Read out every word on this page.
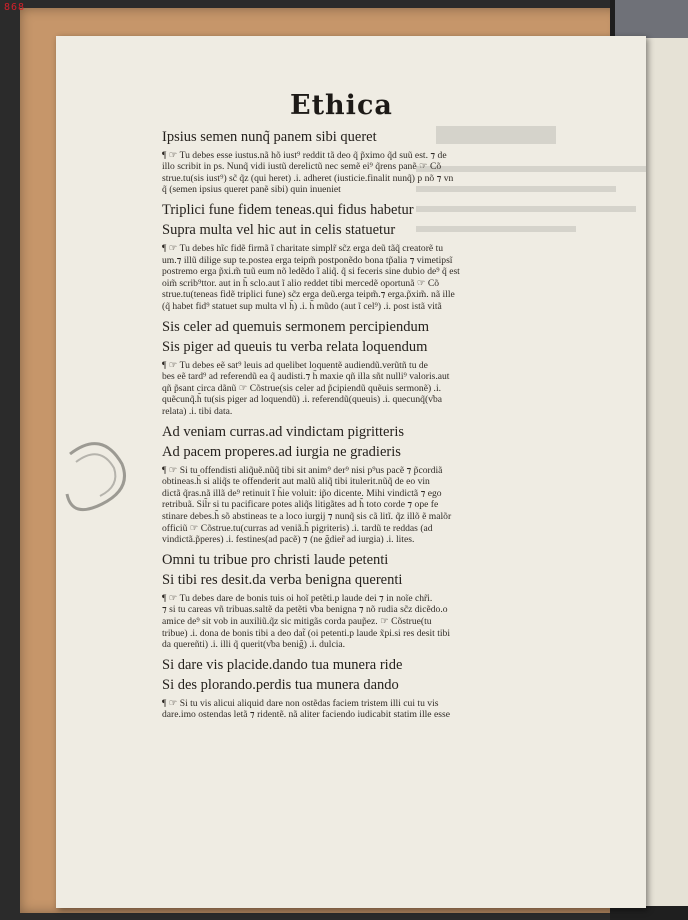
868
Ethica
Ipsius semen nunq̃ panem sibi queret
¶ ☞ Tu debes esse iustus.nã hõ iust⁹ reddit tã deo q̃ p̃ximo q̃d suũ est. ⁊ de
illo scribit in ps. Nunq̃ vidi iustũ derelictũ nec semẽ ei⁹ q̃rens panẽ ☞ Cõ
strue.tu(sis iust⁹) sc̃ q̃z (qui heret) .i. adheret (iusticie.finalit nunq̃) p nõ ⁊ vn
q̃ (semen ipsius queret panẽ sibi) quin inueniet
Triplici fune fidem teneas.qui fidus habetur
Supra multa vel hic aut in celis statuetur
¶ ☞ Tu debes hĩc fidẽ firmã ĩ charitate simplr̃ sc̃z erga deũ tãq̃ creatorẽ tu
um.⁊ illũ dilige sup te.postea erga teipm̃ postponẽdo bona tp̃alia ⁊ vimetipsĩ
postremo erga p̃xi.m̃ tuũ eum nõ ledẽdo ĩ aliq̃. q̃ si feceris sine dubio de⁹ q̃ est
oim̃ scrib⁹ttor. aut in h̃ sclo.aut ĩ alio reddet tibi mercedẽ oportunã ☞ Cõ
strue.tu(teneas fidẽ triplici fune) sc̃z erga deũ.erga teipm̃.⁊ erga.p̃xim̃. nã ille
(q̃ habet fid⁹ statuet sup multa vl h̃) .i. h̃ mũdo (aut ĩ cel⁹) .i. post istã vitã
Sis celer ad quemuis sermonem percipiendum
Sis piger ad queuis tu verba relata loquendum
¶ ☞ Tu debes eẽ sat⁹ leuis ad quelibet loquentẽ audiendũ.verũtñ tu de
bes eẽ tard⁹ ad referendũ ea q̃ audisti.⁊ h̃ maxie qñ illa sñt nulli⁹ valoris.aut
qñ p̃sant circa dãnũ ☞ Cõstrue(sis celer ad p̃cipiendũ quẽuis sermonẽ) .i.
quẽcunq̃.h̃ tu(sis piger ad loquendũ) .i. referendũ(queuis) .i. quecunq̃(v̓ba
relata) .i. tibi data.
Ad veniam curras.ad vindictam pigritteris
Ad pacem properes.ad iurgia ne gradieris
¶ ☞ Si tu offendisti aliq̃uẽ.nũq̃ tibi sit anim⁹ der⁹ nisi p⁹us pacẽ ⁊ p̃cordiã
obtineas.h̃ si aliq̃s te offenderit aut malũ aliq̃ tibi itulerit.nũq̃ de eo vin
dictã q̃ras.nã illã de⁹ retinuit ĩ h̃ie voluit: ip̃o dicente. Mihi vindictã ⁊ ego
retribuã. Sil̃r si tu pacificare potes aliq̃s litigãtes ad h̃ toto corde ⁊ ope fe
stinare debes.h̃ sõ abstineas te a loco iurgij ⁊ nunq̃ sis cã litĩ. q̃z illõ ẽ malõr
officiũ ☞ Cõstrue.tu(curras ad veniã.h̃ pigriteris) .i. tardũ te reddas (ad
vindictã.p̃peres) .i. festines(ad pacẽ) ⁊ (ne g̃dier̃ ad iurgia) .i. lites.
Omni tu tribue pro christi laude petenti
Si tibi res desit.da verba benigna querenti
¶ ☞ Tu debes dare de bonis tuis oi hoĩ petẽti.p laude dei ⁊ in noĩe chr̃i.
⁊ si tu careas vñ tribuas.saltẽ da petẽti v̓ba benigna ⁊ nõ rudia sc̃z dicẽdo.o
amice de⁹ sit vob in auxiliũ.q̃z sic mitigãs corda paup̃ez. ☞ Cõstrue(tu
tribue) .i. dona de bonis tibi a deo dat̃ (oi petenti.p laude x̃pi.si res desit tibi
da quereñti) .i. illi q̃ querit(v̓ba benig̃) .i. dulcia.
Si dare vis placide.dando tua munera ride
Si des plorando.perdis tua munera dando
¶ ☞ Si tu vis alicui aliquid dare non ostẽdas faciem tristem illi cui tu vis
dare.imo ostendas letã ⁊ ridentẽ. nã aliter faciendo iudicabit statim ille esse
